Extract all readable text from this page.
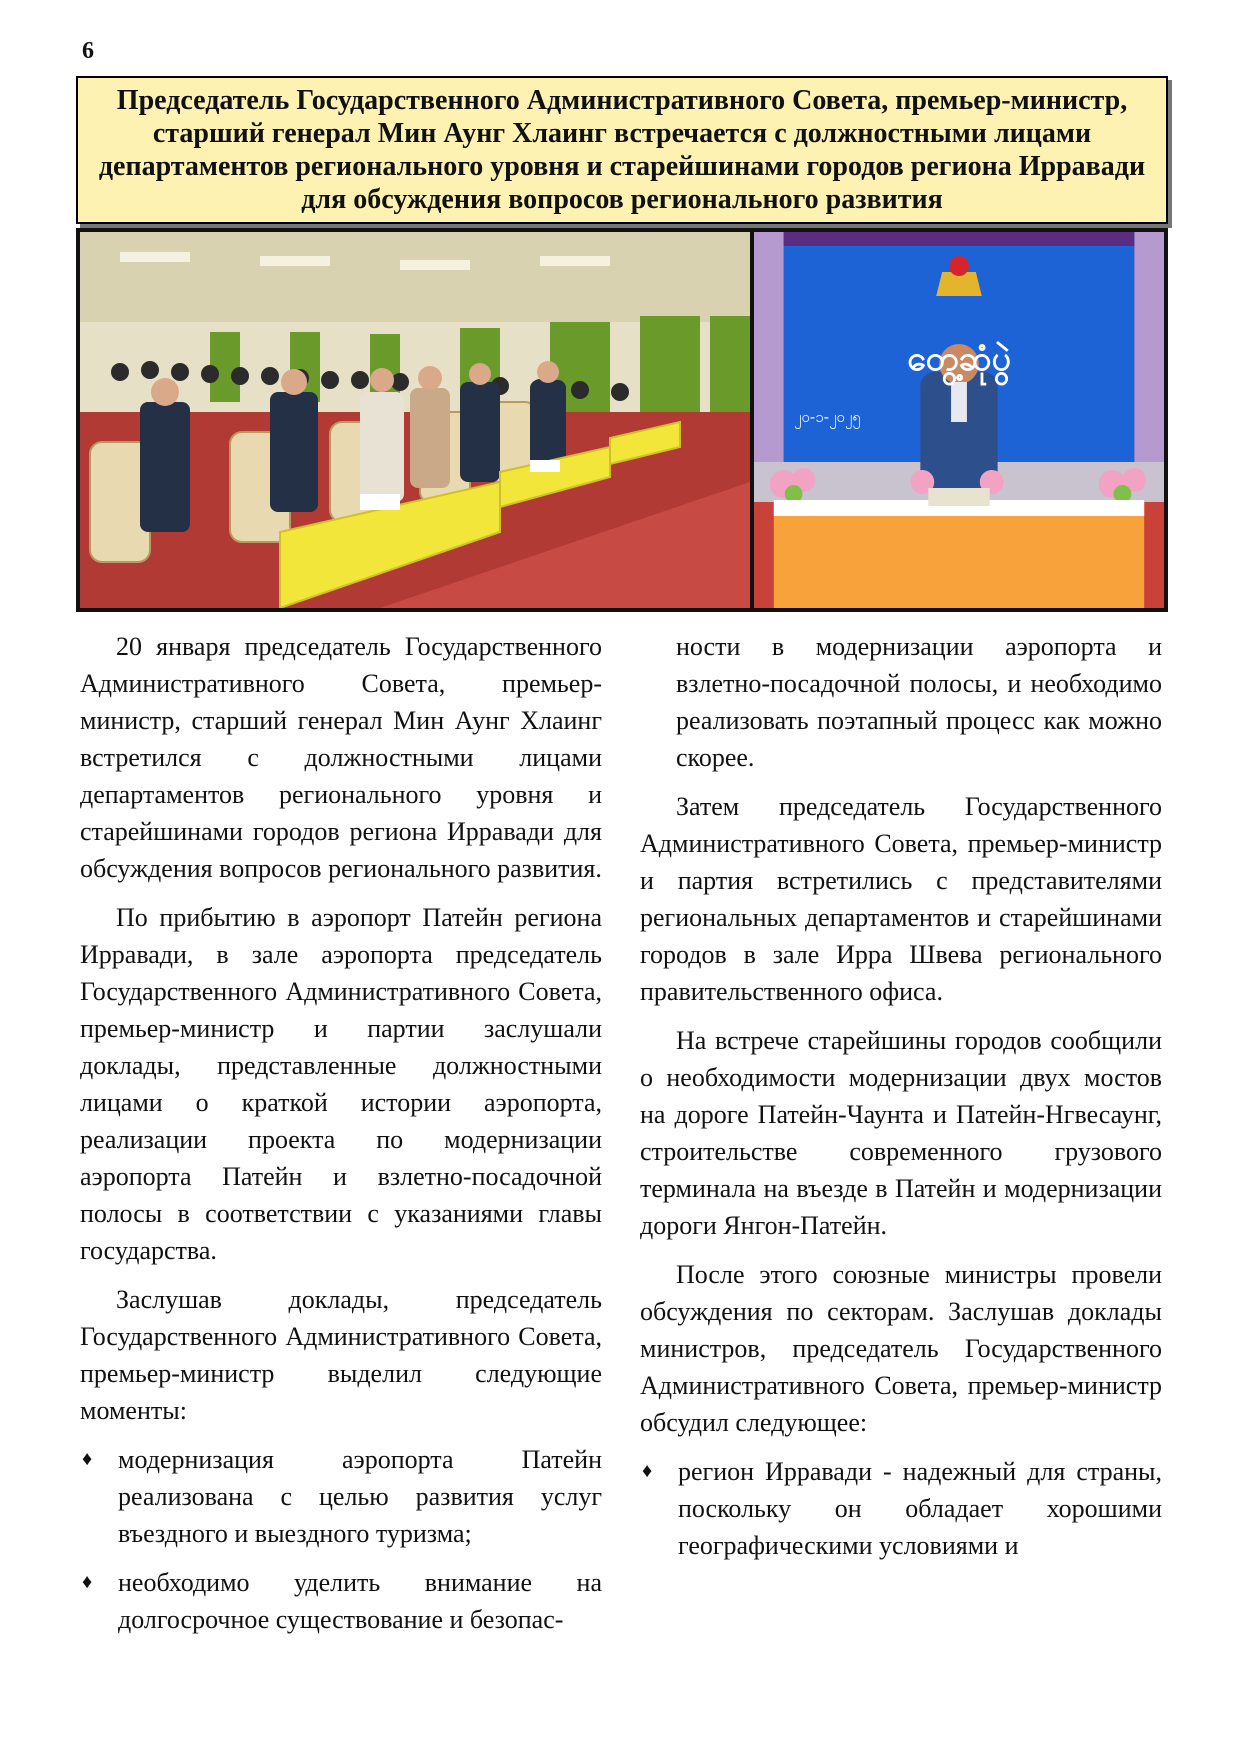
6
Председатель Государственного Административного Совета, премьер-министр, старший генерал Мин Аунг Хлаинг встречается с должностными лицами департаментов регионального уровня и старейшинами городов региона Ирравади для обсуждения вопросов регионального развития
တွေ့ဆုံပွဲ
၂၀-၁-၂၀၂၅

20 января председатель Государственного Административного Совета, премьер-министр, старший генерал Мин Аунг Хлаинг встретился с должностными лицами департаментов регионального уровня и старейшинами городов региона Ирравади для обсуждения вопросов регионального развития.

По прибытию в аэропорт Патейн региона Ирравади, в зале аэропорта председатель Государственного Административного Совета, премьер-министр и партии заслушали доклады, представленные должностными лицами о краткой истории аэропорта, реализации проекта по модернизации аэропорта Патейн и взлетно-посадочной полосы в соответствии с указаниями главы государства.

Заслушав доклады, председатель Государственного Административного Совета, премьер-министр выделил следующие моменты:

♦ модернизация аэропорта Патейн реализована с целью развития услуг въездного и выездного туризма;
♦ необходимо уделить внимание на долгосрочное существование и безопас-

ности в модернизации аэропорта и взлетно-посадочной полосы, и необходимо реализовать поэтапный процесс как можно скорее.

Затем председатель Государственного Административного Совета, премьер-министр и партия встретились с представителями региональных департаментов и старейшинами городов в зале Ирра Швева регионального правительственного офиса.

На встрече старейшины городов сообщили о необходимости модернизации двух мостов на дороге Патейн-Чаунта и Патейн-Нгвесаунг, строительстве современного грузового терминала на въезде в Патейн и модернизации дороги Янгон-Патейн.

После этого союзные министры провели обсуждения по секторам. Заслушав доклады министров, председатель Государственного Административного Совета, премьер-министр обсудил следующее:

♦ регион Ирравади - надежный для страны, поскольку он обладает хорошими географическими условиями и
